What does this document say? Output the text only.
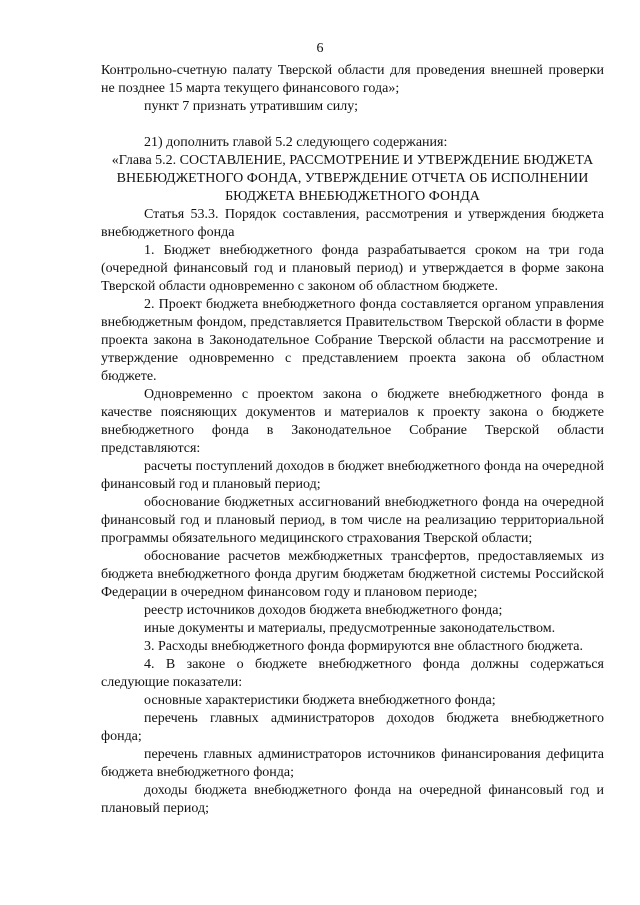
6

Контрольно-счетную палату Тверской области для проведения внешней проверки не позднее 15 марта текущего финансового года»;

пункт 7 признать утратившим силу;

21) дополнить главой 5.2 следующего содержания:

«Глава 5.2. СОСТАВЛЕНИЕ, РАССМОТРЕНИЕ И УТВЕРЖДЕНИЕ БЮДЖЕТА ВНЕБЮДЖЕТНОГО ФОНДА, УТВЕРЖДЕНИЕ ОТЧЕТА ОБ ИСПОЛНЕНИИ БЮДЖЕТА ВНЕБЮДЖЕТНОГО ФОНДА

Статья 53.3. Порядок составления, рассмотрения и утверждения бюджета внебюджетного фонда

1. Бюджет внебюджетного фонда разрабатывается сроком на три года (очередной финансовый год и плановый период) и утверждается в форме закона Тверской области одновременно с законом об областном бюджете.

2. Проект бюджета внебюджетного фонда составляется органом управления внебюджетным фондом, представляется Правительством Тверской области в форме проекта закона в Законодательное Собрание Тверской области на рассмотрение и утверждение одновременно с представлением проекта закона об областном бюджете.

Одновременно с проектом закона о бюджете внебюджетного фонда в качестве поясняющих документов и материалов к проекту закона о бюджете внебюджетного фонда в Законодательное Собрание Тверской области представляются:

расчеты поступлений доходов в бюджет внебюджетного фонда на очередной финансовый год и плановый период;

обоснование бюджетных ассигнований внебюджетного фонда на очередной финансовый год и плановый период, в том числе на реализацию территориальной программы обязательного медицинского страхования Тверской области;

обоснование расчетов межбюджетных трансфертов, предоставляемых из бюджета внебюджетного фонда другим бюджетам бюджетной системы Российской Федерации в очередном финансовом году и плановом периоде;

реестр источников доходов бюджета внебюджетного фонда;

иные документы и материалы, предусмотренные законодательством.

3. Расходы внебюджетного фонда формируются вне областного бюджета.

4. В законе о бюджете внебюджетного фонда должны содержаться следующие показатели:

основные характеристики бюджета внебюджетного фонда;

перечень главных администраторов доходов бюджета внебюджетного фонда;

перечень главных администраторов источников финансирования дефицита бюджета внебюджетного фонда;

доходы бюджета внебюджетного фонда на очередной финансовый год и плановый период;
